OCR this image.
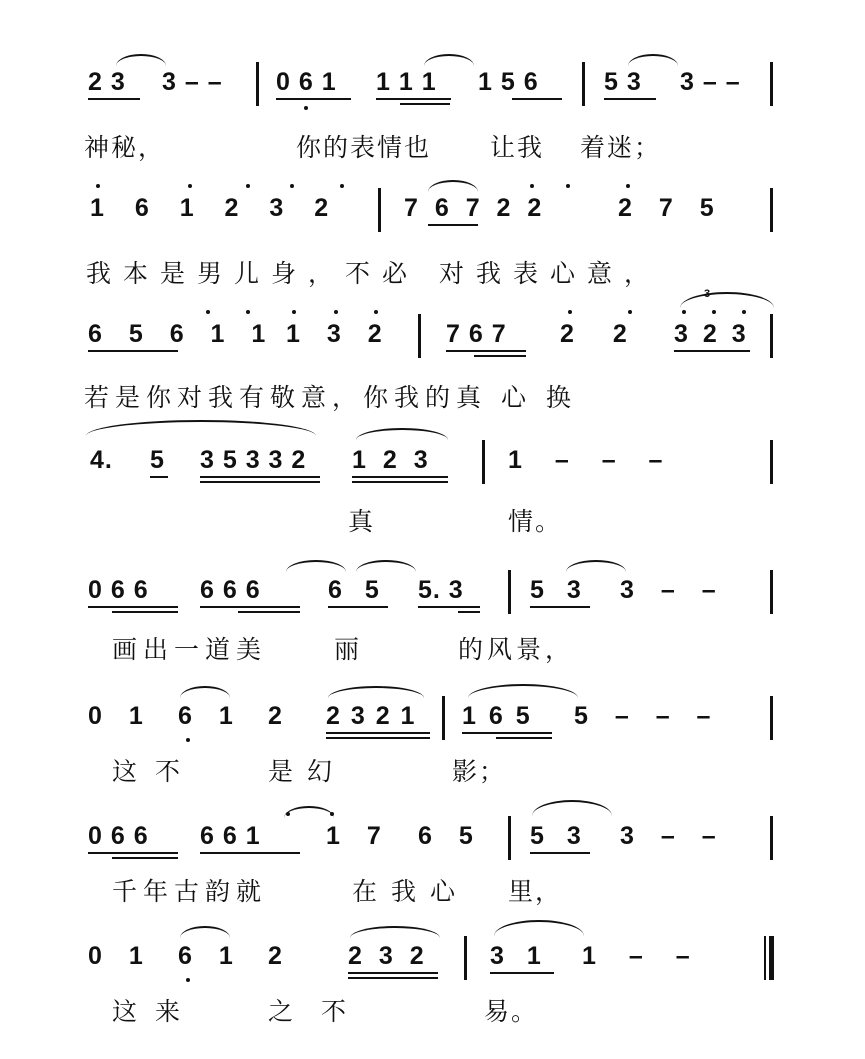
2 3 3 – – 0 6 1 1 1 1 1 5 6	5 3 3 – –
神秘，	你的表情也 让我 着迷；
1 6 1 2 3 2	7 6 7 2 2	2 7 5
我本是男儿身，不必 对我表心意，
6 5 6 1 1 1 3 2	7 6 7 2 2 3 2 3
3
若是你对我有敬意，你我的真 心 换
4. 5 3 5 3 3 2 1 2 3	1 – – –
真	情。
0 6 6 6 6 6	6 5 5. 3	5 3 3 – –
画出一道美	丽	的风景，
0 1 6 1 2 2 3 2 1 1 6 5 5 – – –
这不	是幻	影；
0 6 6 6 6 1	1 7 6 5 5 3 3 – –
千年古韵就	在我心 里，
0 1 6 1 2	2 3 2	3 1 1 – –
这来	之不	易。
